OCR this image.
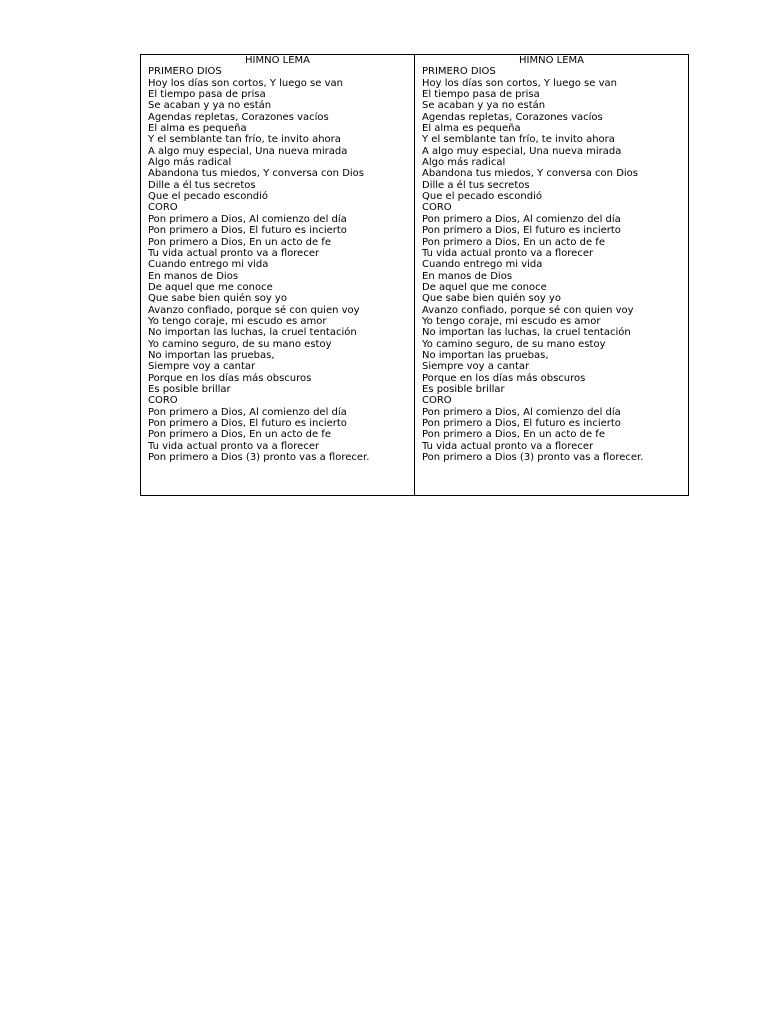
HIMNO LEMA
PRIMERO DIOS
Hoy los días son cortos, Y luego se van
El tiempo pasa de prisa
Se acaban y ya no están
Agendas repletas, Corazones vacíos
El alma es pequeña
Y el semblante tan frío, te invito ahora
A algo muy especial, Una nueva mirada
Algo más radical
Abandona tus miedos, Y conversa con Dios
Dille a él tus secretos
Que el pecado escondió
CORO
Pon primero a Dios, Al comienzo del día
Pon primero a Dios, El futuro es incierto
Pon primero a Dios, En un acto de fe
Tu vida actual pronto va a florecer
Cuando entrego mi vida
En manos de Dios
De aquel que me conoce
Que sabe bien quién soy yo
Avanzo confiado, porque sé con quien voy
Yo tengo coraje, mi escudo es amor
No importan las luchas, la cruel tentación
Yo camino seguro, de su mano estoy
No importan las pruebas,
Siempre voy a cantar
Porque en los días más obscuros
Es posible brillar
CORO
Pon primero a Dios, Al comienzo del día
Pon primero a Dios, El futuro es incierto
Pon primero a Dios, En un acto de fe
Tu vida actual pronto va a florecer
Pon primero a Dios (3) pronto vas a florecer.
HIMNO LEMA
PRIMERO DIOS
Hoy los días son cortos, Y luego se van
El tiempo pasa de prisa
Se acaban y ya no están
Agendas repletas, Corazones vacíos
El alma es pequeña
Y el semblante tan frío, te invito ahora
A algo muy especial, Una nueva mirada
Algo más radical
Abandona tus miedos, Y conversa con Dios
Dille a él tus secretos
Que el pecado escondió
CORO
Pon primero a Dios, Al comienzo del día
Pon primero a Dios, El futuro es incierto
Pon primero a Dios, En un acto de fe
Tu vida actual pronto va a florecer
Cuando entrego mi vida
En manos de Dios
De aquel que me conoce
Que sabe bien quién soy yo
Avanzo confiado, porque sé con quien voy
Yo tengo coraje, mi escudo es amor
No importan las luchas, la cruel tentación
Yo camino seguro, de su mano estoy
No importan las pruebas,
Siempre voy a cantar
Porque en los días más obscuros
Es posible brillar
CORO
Pon primero a Dios, Al comienzo del día
Pon primero a Dios, El futuro es incierto
Pon primero a Dios, En un acto de fe
Tu vida actual pronto va a florecer
Pon primero a Dios (3) pronto vas a florecer.
